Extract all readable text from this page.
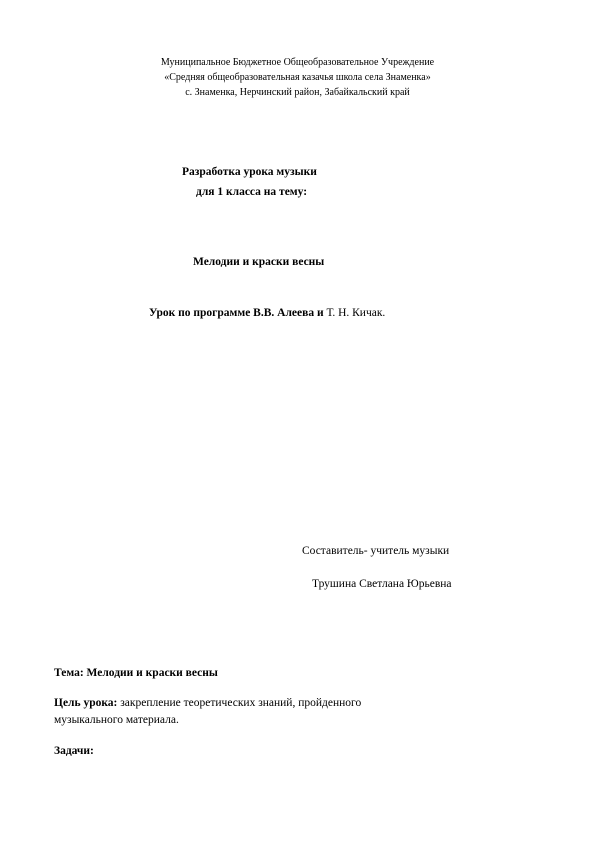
Муниципальное Бюджетное Общеобразовательное Учреждение
«Средняя общеобразовательная казачья школа села Знаменка»
с. Знаменка, Нерчинский район, Забайкальский край
Разработка урока музыки
для 1 класса на тему:
Мелодии и краски весны
Урок по программе В.В. Алеева и Т. Н. Кичак.
Составитель- учитель музыки
Трушина Светлана Юрьевна
Тема: Мелодии и краски весны
Цель урока: закрепление теоретических знаний, пройденного
музыкального материала.
Задачи:
